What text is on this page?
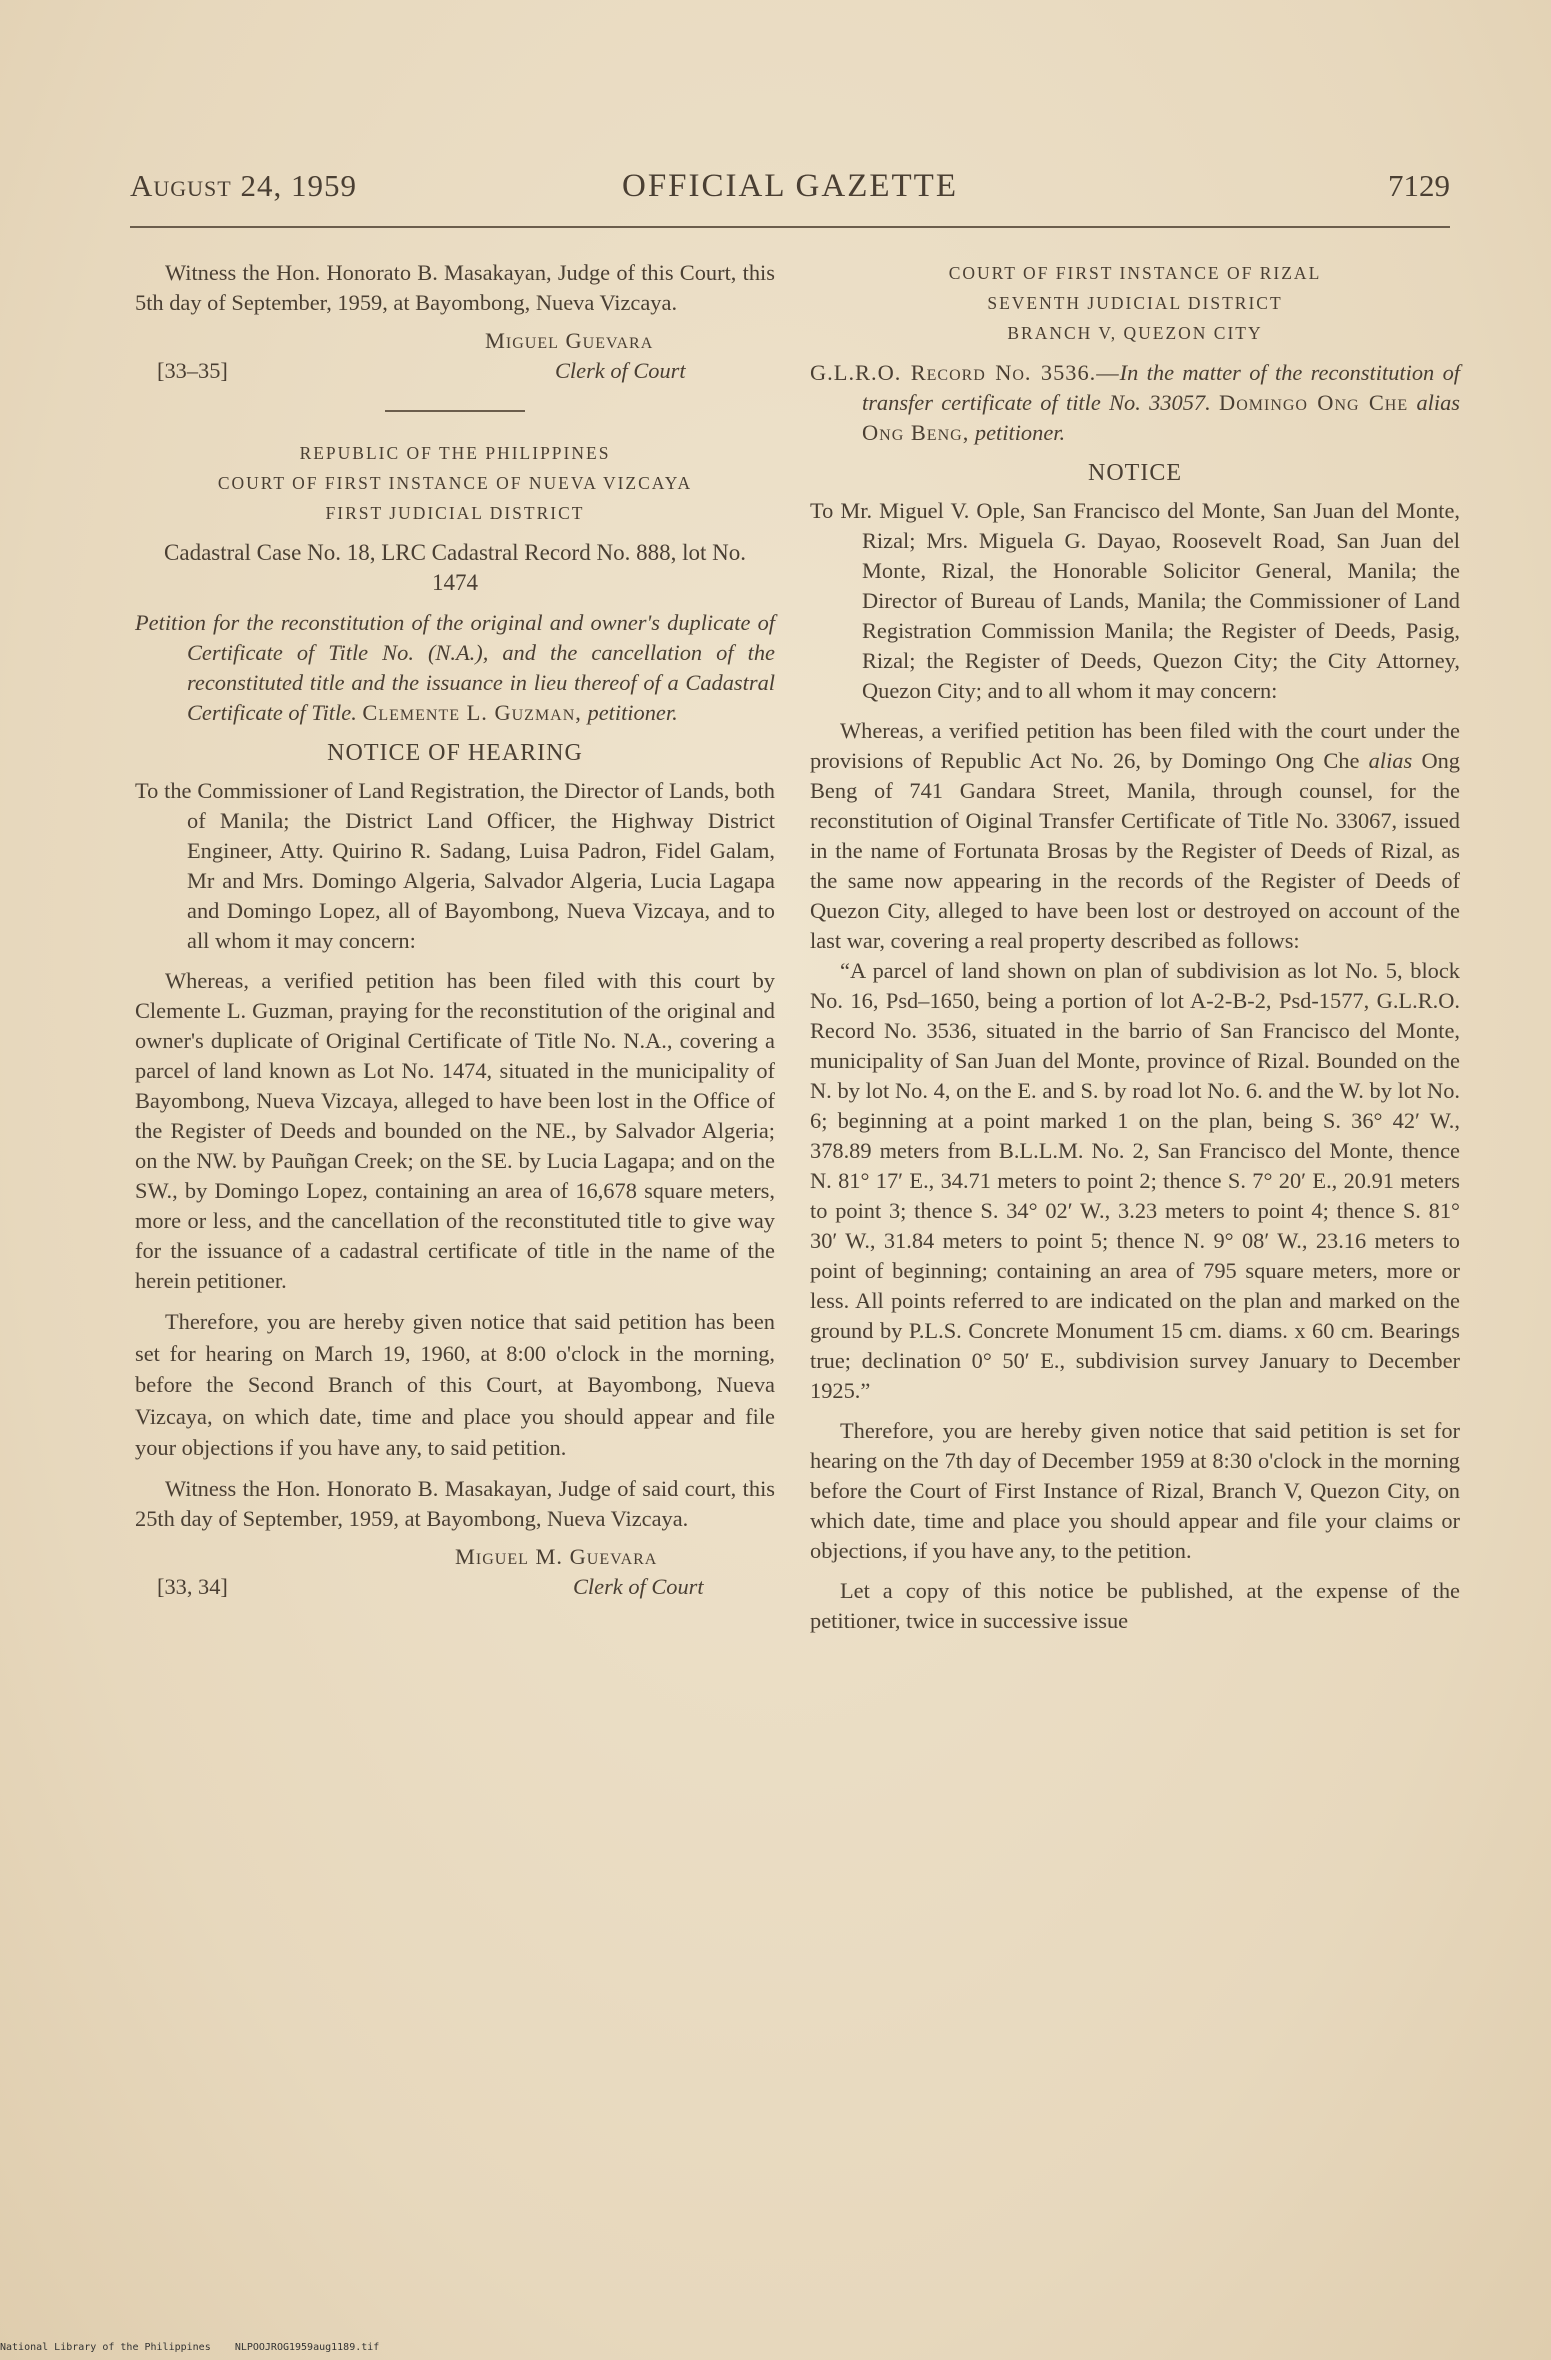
August 24, 1959	OFFICIAL GAZETTE	7129

Witness the Hon. Honorato B. Masakayan, Judge of this Court, this 5th day of September, 1959, at Bayombong, Nueva Vizcaya.

Miguel Guevara
[33–35]	Clerk of Court
REPUBLIC OF THE PHILIPPINES
COURT OF FIRST INSTANCE OF NUEVA VIZCAYA
FIRST JUDICIAL DISTRICT

Cadastral Case No. 18, LRC Cadastral Record No. 888, lot No. 1474

Petition for the reconstitution of the original and owner's duplicate of Certificate of Title No. (N.A.), and the cancellation of the reconstituted title and the issuance in lieu thereof of a Cadastral Certificate of Title. Clemente L. Guzman, petitioner.

NOTICE OF HEARING

To the Commissioner of Land Registration, the Director of Lands, both of Manila; the District Land Officer, the Highway District Engineer, Atty. Quirino R. Sadang, Luisa Padron, Fidel Galam, Mr and Mrs. Domingo Algeria, Salvador Algeria, Lucia Lagapa and Domingo Lopez, all of Bayombong, Nueva Vizcaya, and to all whom it may concern:

Whereas, a verified petition has been filed with this court by Clemente L. Guzman, praying for the reconstitution of the original and owner's duplicate of Original Certificate of Title No. N.A., covering a parcel of land known as Lot No. 1474, situated in the municipality of Bayombong, Nueva Vizcaya, alleged to have been lost in the Office of the Register of Deeds and bounded on the NE., by Salvador Algeria; on the NW. by Pauñgan Creek; on the SE. by Lucia Lagapa; and on the SW., by Domingo Lopez, containing an area of 16,678 square meters, more or less, and the cancellation of the reconstituted title to give way for the issuance of a cadastral certificate of title in the name of the herein petitioner.

Therefore, you are hereby given notice that said petition has been set for hearing on March 19, 1960, at 8:00 o'clock in the morning, before the Second Branch of this Court, at Bayombong, Nueva Vizcaya, on which date, time and place you should appear and file your objections if you have any, to said petition.

Witness the Hon. Honorato B. Masakayan, Judge of said court, this 25th day of September, 1959, at Bayombong, Nueva Vizcaya.

Miguel M. Guevara
[33, 34]	Clerk of Court
COURT OF FIRST INSTANCE OF RIZAL
SEVENTH JUDICIAL DISTRICT
BRANCH V, QUEZON CITY

G.L.R.O. Record No. 3536.—In the matter of the reconstitution of transfer certificate of title No. 33057. Domingo Ong Che alias Ong Beng, petitioner.

NOTICE

To Mr. Miguel V. Ople, San Francisco del Monte, San Juan del Monte, Rizal; Mrs. Miguela G. Dayao, Roosevelt Road, San Juan del Monte, Rizal, the Honorable Solicitor General, Manila; the Director of Bureau of Lands, Manila; the Commissioner of Land Registration Commission Manila; the Register of Deeds, Pasig, Rizal; the Register of Deeds, Quezon City; the City Attorney, Quezon City; and to all whom it may concern:

Whereas, a verified petition has been filed with the court under the provisions of Republic Act No. 26, by Domingo Ong Che alias Ong Beng of 741 Gandara Street, Manila, through counsel, for the reconstitution of Oiginal Transfer Certificate of Title No. 33067, issued in the name of Fortunata Brosas by the Register of Deeds of Rizal, as the same now appearing in the records of the Register of Deeds of Quezon City, alleged to have been lost or destroyed on account of the last war, covering a real property described as follows:

“A parcel of land shown on plan of subdivision as lot No. 5, block No. 16, Psd–1650, being a portion of lot A-2-B-2, Psd-1577, G.L.R.O. Record No. 3536, situated in the barrio of San Francisco del Monte, municipality of San Juan del Monte, province of Rizal. Bounded on the N. by lot No. 4, on the E. and S. by road lot No. 6. and the W. by lot No. 6; beginning at a point marked 1 on the plan, being S. 36° 42′ W., 378.89 meters from B.L.L.M. No. 2, San Francisco del Monte, thence N. 81° 17′ E., 34.71 meters to point 2; thence S. 7° 20′ E., 20.91 meters to point 3; thence S. 34° 02′ W., 3.23 meters to point 4; thence S. 81° 30′ W., 31.84 meters to point 5; thence N. 9° 08′ W., 23.16 meters to point of beginning; containing an area of 795 square meters, more or less. All points referred to are indicated on the plan and marked on the ground by P.L.S. Concrete Monument 15 cm. diams. x 60 cm. Bearings true; declination 0° 50′ E., subdivision survey January to December 1925.”

Therefore, you are hereby given notice that said petition is set for hearing on the 7th day of December 1959 at 8:30 o'clock in the morning before the Court of First Instance of Rizal, Branch V, Quezon City, on which date, time and place you should appear and file your claims or objections, if you have any, to the petition.

Let a copy of this notice be published, at the expense of the petitioner, twice in successive issue

National Library of the Philippines NLPOOJROG1959aug1189.tif
